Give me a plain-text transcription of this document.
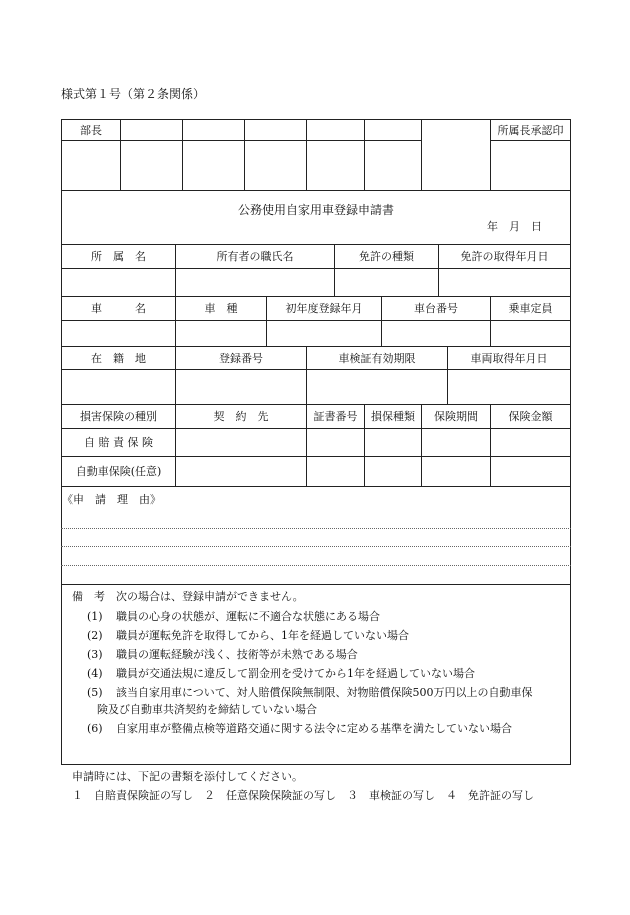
様式第１号（第２条関係）
部長	所属長承認印
公務使用自家用車登録申請書
年　月　日
所　属　名	所有者の職氏名	免許の種類	免許の取得年月日
車　　　名	車　種	初年度登録年月	車台番号	乗車定員
在　籍　地	登録番号	車検証有効期限	車両取得年月日
損害保険の種別	契　約　先	証書番号	損保種類	保険期間	保険金額
自 賠 責 保 険
自動車保険(任意)
《申　請　理　由》
備　考　次の場合は、登録申請ができません。
(1) 職員の心身の状態が、運転に不適合な状態にある場合
(2) 職員が運転免許を取得してから、1年を経過していない場合
(3) 職員の運転経験が浅く、技術等が未熟である場合
(4) 職員が交通法規に違反して罰金刑を受けてから1年を経過していない場合
(5) 該当自家用車について、対人賠償保険無制限、対物賠償保険500万円以上の自動車保
険及び自動車共済契約を締結していない場合
(6) 自家用車が整備点検等道路交通に関する法令に定める基準を満たしていない場合
申請時には、下記の書類を添付してください。
１　自賠責保険証の写し　２　任意保険保険証の写し　３　車検証の写し　４　免許証の写し
